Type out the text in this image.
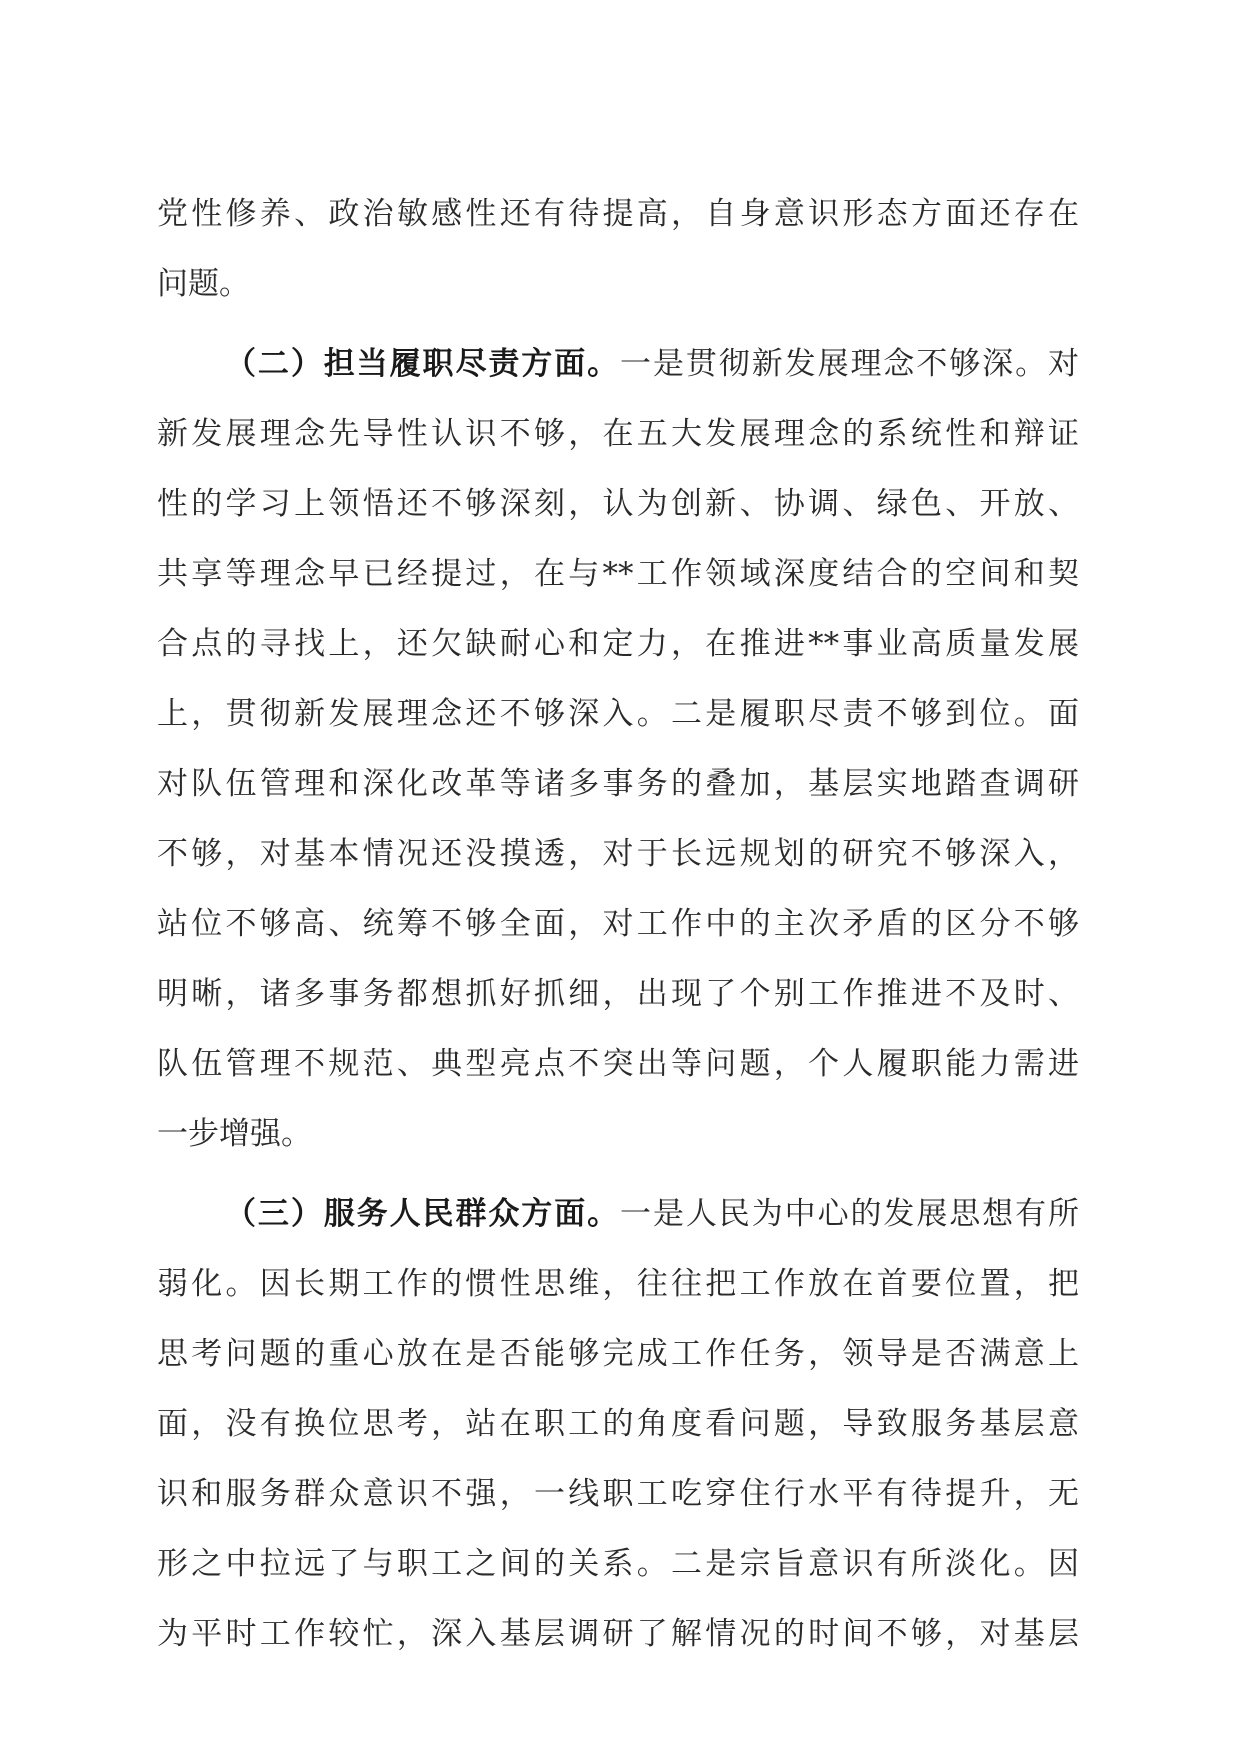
党性修养、政治敏感性还有待提高，自身意识形态方面还存在
问题。
（二）担当履职尽责方面。一是贯彻新发展理念不够深。对
新发展理念先导性认识不够，在五大发展理念的系统性和辩证
性的学习上领悟还不够深刻，认为创新、协调、绿色、开放、
共享等理念早已经提过，在与**工作领域深度结合的空间和契
合点的寻找上，还欠缺耐心和定力，在推进**事业高质量发展
上，贯彻新发展理念还不够深入。二是履职尽责不够到位。面
对队伍管理和深化改革等诸多事务的叠加，基层实地踏查调研
不够，对基本情况还没摸透，对于长远规划的研究不够深入，
站位不够高、统筹不够全面，对工作中的主次矛盾的区分不够
明晰，诸多事务都想抓好抓细，出现了个别工作推进不及时、
队伍管理不规范、典型亮点不突出等问题，个人履职能力需进
一步增强。
（三）服务人民群众方面。一是人民为中心的发展思想有所
弱化。因长期工作的惯性思维，往往把工作放在首要位置，把
思考问题的重心放在是否能够完成工作任务，领导是否满意上
面，没有换位思考，站在职工的角度看问题，导致服务基层意
识和服务群众意识不强，一线职工吃穿住行水平有待提升，无
形之中拉远了与职工之间的关系。二是宗旨意识有所淡化。因
为平时工作较忙，深入基层调研了解情况的时间不够，对基层
